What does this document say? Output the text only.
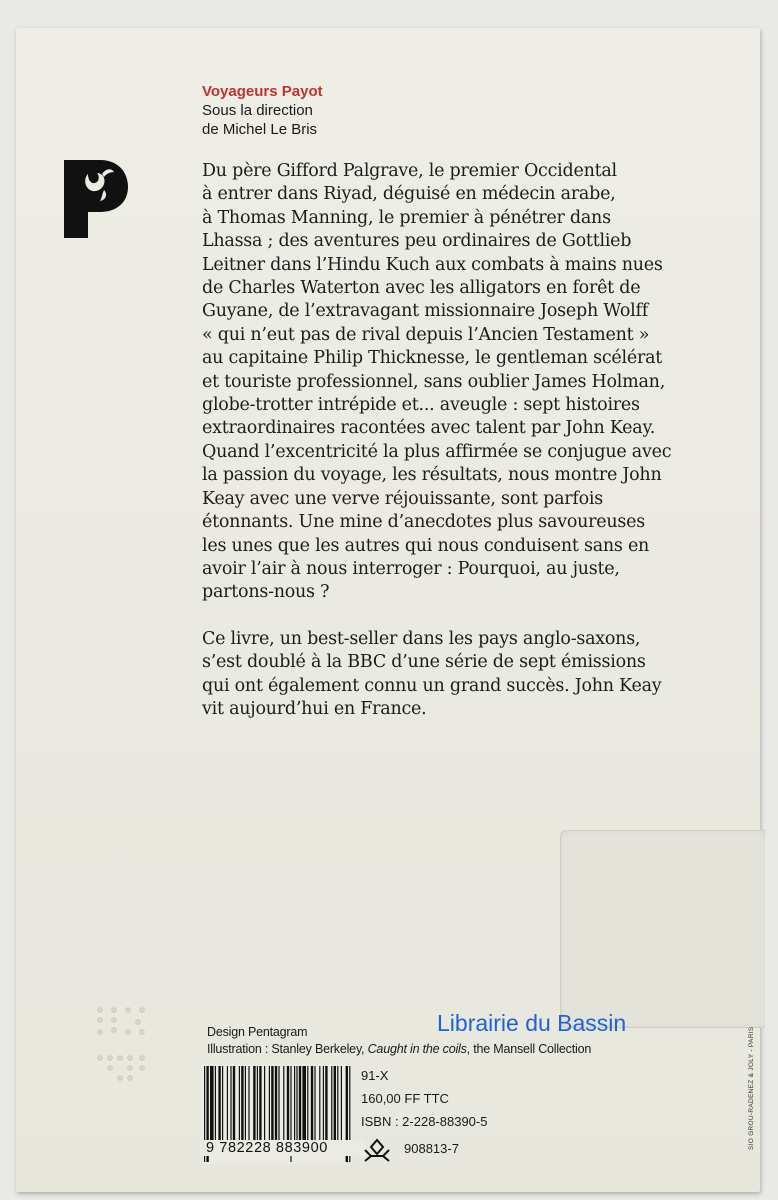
Voyageurs Payot
Sous la direction
de Michel Le Bris

Du père Gifford Palgrave, le premier Occidental
à entrer dans Riyad, déguisé en médecin arabe,
à Thomas Manning, le premier à pénétrer dans
Lhassa ; des aventures peu ordinaires de Gottlieb
Leitner dans l’Hindu Kuch aux combats à mains nues
de Charles Waterton avec les alligators en forêt de
Guyane, de l’extravagant missionnaire Joseph Wolff
« qui n’eut pas de rival depuis l’Ancien Testament »
au capitaine Philip Thicknesse, le gentleman scélérat
et touriste professionnel, sans oublier James Holman,
globe-trotter intrépide et... aveugle : sept histoires
extraordinaires racontées avec talent par John Keay.
Quand l’excentricité la plus affirmée se conjugue avec
la passion du voyage, les résultats, nous montre John
Keay avec une verve réjouissante, sont parfois
étonnants. Une mine d’anecdotes plus savoureuses
les unes que les autres qui nous conduisent sans en
avoir l’air à nous interroger : Pourquoi, au juste,
partons-nous ?

Ce livre, un best-seller dans les pays anglo-saxons,
s’est doublé à la BBC d’une série de sept émissions
qui ont également connu un grand succès. John Keay
vit aujourd’hui en France.

Design Pentagram
Illustration : Stanley Berkeley, Caught in the coils, the Mansell Collection
Librairie du Bassin
9 782228 883900
91-X
160,00 FF TTC
ISBN : 2-228-88390-5
908813-7	SIO GROU-RADENEZ & JOLY - PARIS
